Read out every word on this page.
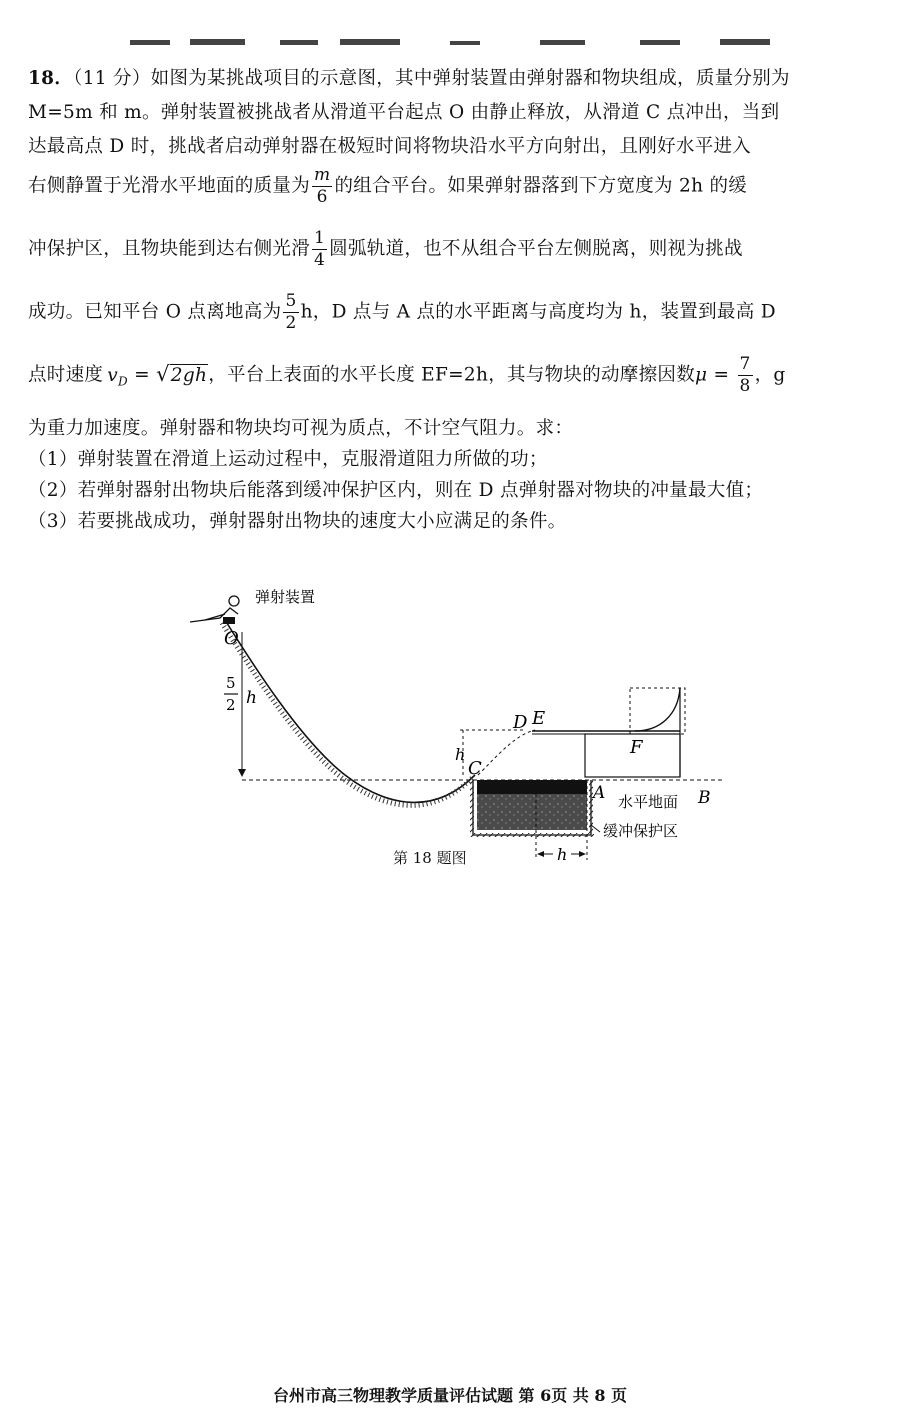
18．（11 分）如图为某挑战项目的示意图，其中弹射装置由弹射器和物块组成，质量分别为
M=5m 和 m。弹射装置被挑战者从滑道平台起点 O 由静止释放，从滑道 C 点冲出，当到
达最高点 D 时，挑战者启动弹射器在极短时间将物块沿水平方向射出，且刚好水平进入
右侧静置于光滑水平地面的质量为 $\frac{m}{6}$ 的组合平台。如果弹射器落到下方宽度为 2h 的缓
冲保护区，且物块能到达右侧光滑 $\frac{1}{4}$ 圆弧轨道，也不从组合平台左侧脱离，则视为挑战
成功。已知平台 O 点离地高为 $\frac{5}{2}$ h，D 点与 A 点的水平距离与高度均为 h，装置到最高 D
点时速度 $v_D = √2gh$，平台上表面的水平长度 EF=2h，其与物块的动摩擦因数$\mu = \frac{7}{8}$ ，g
为重力加速度。弹射器和物块均可视为质点，不计空气阻力。求：
（1）弹射装置在滑道上运动过程中，克服滑道阻力所做的功；
（2）若弹射器射出物块后能落到缓冲保护区内，则在 D 点弹射器对物块的冲量最大值；
（3）若要挑战成功，弹射器射出物块的速度大小应满足的条件。
弹射装置
O
5
2 h
h
C
D E
F
A 水平地面 B
缓冲保护区
h
第 18 题图
台州市高三物理教学质量评估试题 第 6页 共 8 页
